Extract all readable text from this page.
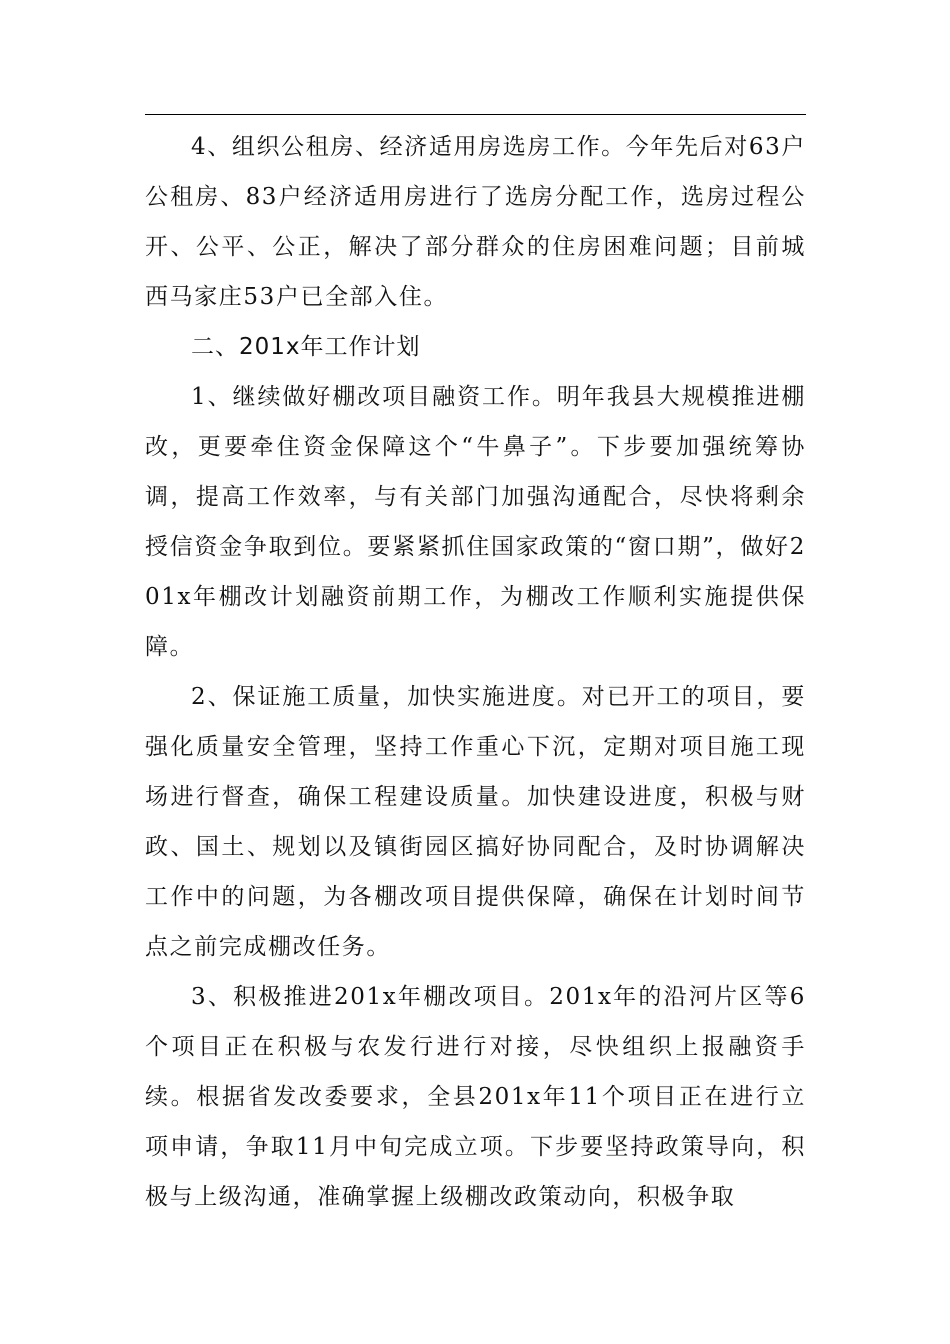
4、组织公租房、经济适用房选房工作。今年先后对63户公租房、83户经济适用房进行了选房分配工作，选房过程公开、公平、公正，解决了部分群众的住房困难问题；目前城西马家庄53户已全部入住。

二、201x年工作计划

1、继续做好棚改项目融资工作。明年我县大规模推进棚改，更要牵住资金保障这个“牛鼻子”。下步要加强统筹协调，提高工作效率，与有关部门加强沟通配合，尽快将剩余授信资金争取到位。要紧紧抓住国家政策的“窗口期”，做好201x年棚改计划融资前期工作，为棚改工作顺利实施提供保障。

2、保证施工质量，加快实施进度。对已开工的项目，要强化质量安全管理，坚持工作重心下沉，定期对项目施工现场进行督查，确保工程建设质量。加快建设进度，积极与财政、国土、规划以及镇街园区搞好协同配合，及时协调解决工作中的问题，为各棚改项目提供保障，确保在计划时间节点之前完成棚改任务。

3、积极推进201x年棚改项目。201x年的沿河片区等6个项目正在积极与农发行进行对接，尽快组织上报融资手续。根据省发改委要求，全县201x年11个项目正在进行立项申请，争取11月中旬完成立项。下步要坚持政策导向，积极与上级沟通，准确掌握上级棚改政策动向，积极争取
